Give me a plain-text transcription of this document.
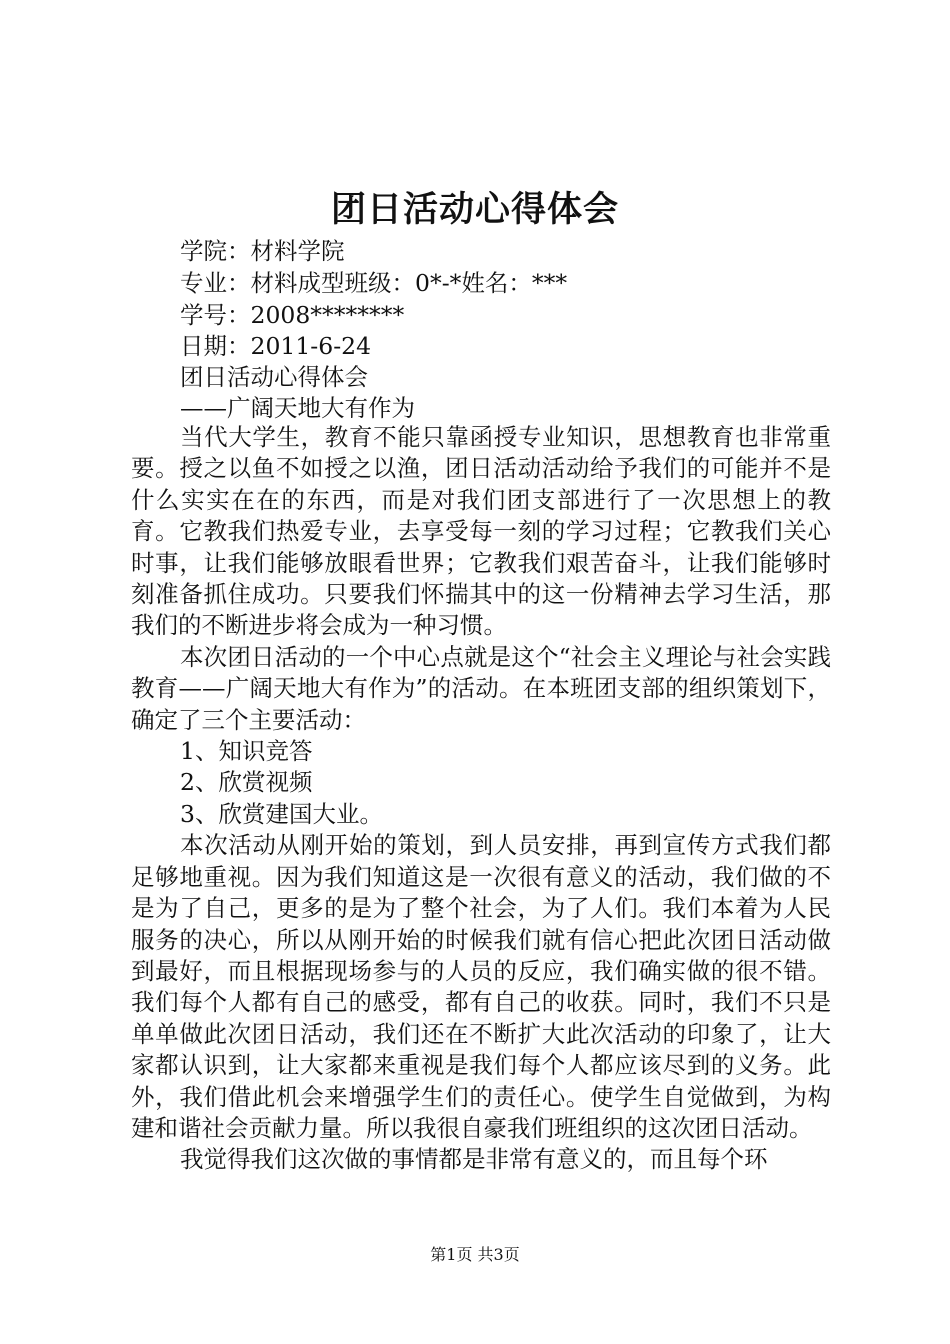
团日活动心得体会
学院：材料学院
专业：材料成型班级：0*-*姓名：***
学号：2008********
日期：2011-6-24
团日活动心得体会
——广阔天地大有作为

当代大学生，教育不能只靠函授专业知识，思想教育也非常重要。授之以鱼不如授之以渔，团日活动活动给予我们的可能并不是什么实实在在的东西，而是对我们团支部进行了一次思想上的教育。它教我们热爱专业，去享受每一刻的学习过程；它教我们关心时事，让我们能够放眼看世界；它教我们艰苦奋斗，让我们能够时刻准备抓住成功。只要我们怀揣其中的这一份精神去学习生活，那我们的不断进步将会成为一种习惯。

本次团日活动的一个中心点就是这个“社会主义理论与社会实践教育——广阔天地大有作为”的活动。在本班团支部的组织策划下，确定了三个主要活动：

1、知识竞答

2、欣赏视频

3、欣赏建国大业。

本次活动从刚开始的策划，到人员安排，再到宣传方式我们都足够地重视。因为我们知道这是一次很有意义的活动，我们做的不是为了自己，更多的是为了整个社会，为了人们。我们本着为人民服务的决心，所以从刚开始的时候我们就有信心把此次团日活动做到最好，而且根据现场参与的人员的反应，我们确实做的很不错。我们每个人都有自己的感受，都有自己的收获。同时，我们不只是单单做此次团日活动，我们还在不断扩大此次活动的印象了，让大家都认识到，让大家都来重视是我们每个人都应该尽到的义务。此外，我们借此机会来增强学生们的责任心。使学生自觉做到，为构建和谐社会贡献力量。所以我很自豪我们班组织的这次团日活动。

我觉得我们这次做的事情都是非常有意义的，而且每个环

第1页 共3页
